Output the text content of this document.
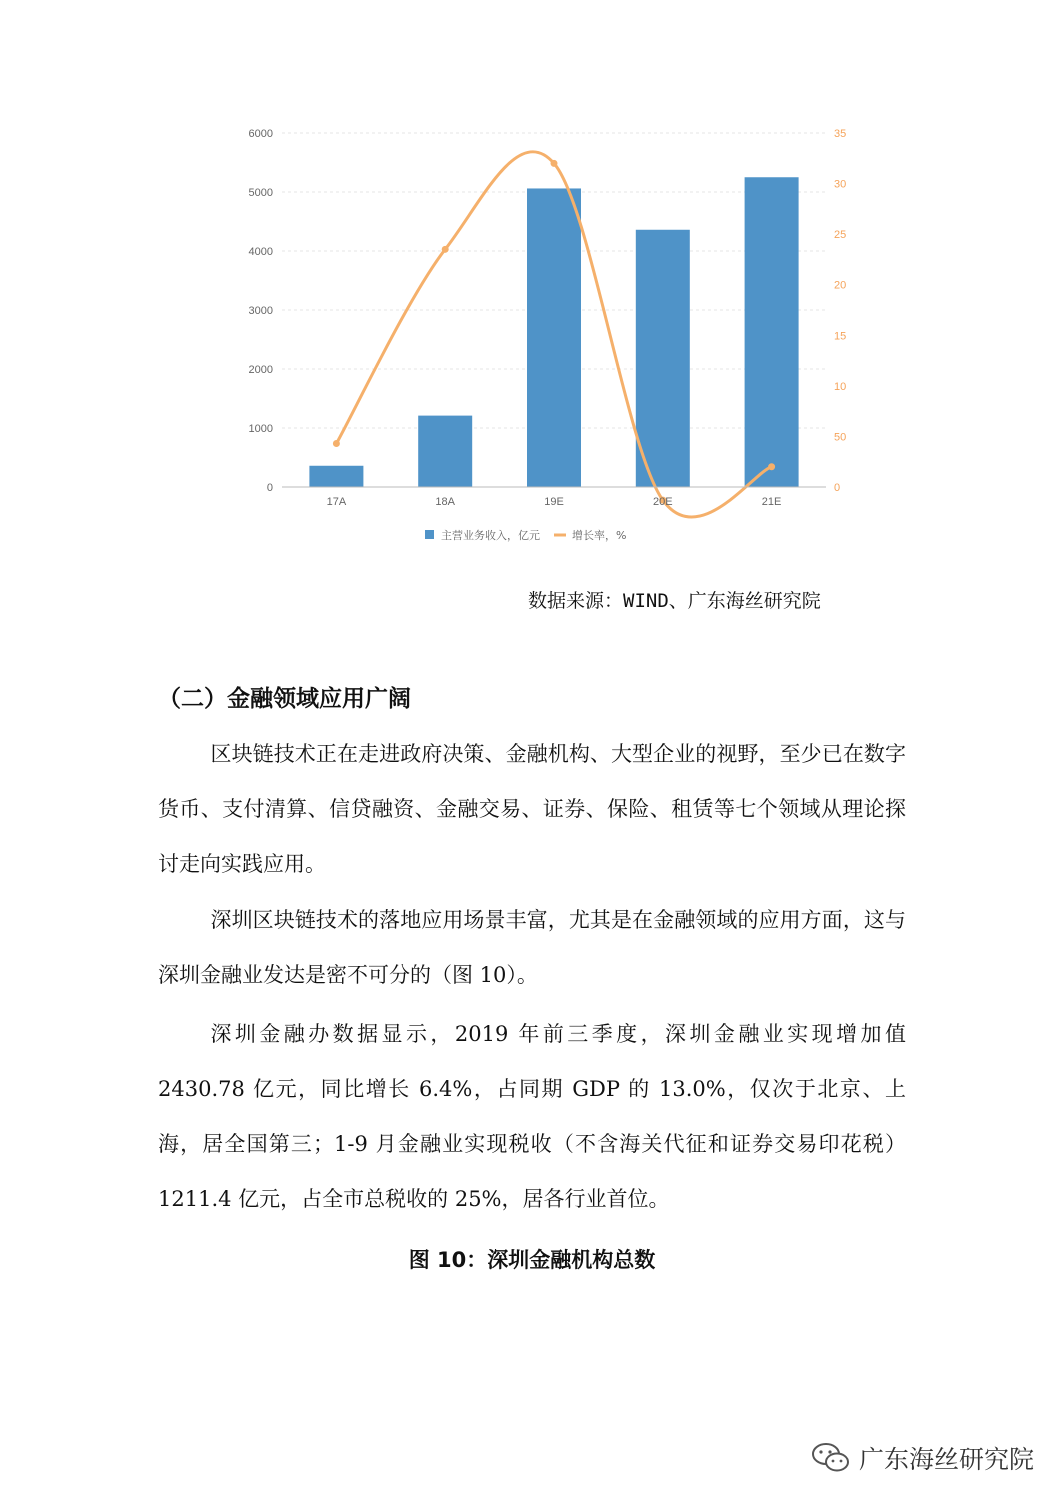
0
1000
2000
3000
4000
5000
6000
0
50
10
15
20
25
30
35
17A	18A	19E	20E	21E
主营业务收入，亿元	增长率，%
数据来源：WIND、广东海丝研究院
（二）金融领域应用广阔
区块链技术正在走进政府决策、金融机构、大型企业的视野，至少已在数字货币、支付清算、信贷融资、金融交易、证券、保险、租赁等七个领域从理论探讨走向实践应用。
深圳区块链技术的落地应用场景丰富，尤其是在金融领域的应用方面，这与深圳金融业发达是密不可分的（图 10）。
深圳金融办数据显示，2019 年前三季度，深圳金融业实现增加值 2430.78 亿元，同比增长 6.4%，占同期 GDP 的 13.0%，仅次于北京、上海，居全国第三；1-9 月金融业实现税收（不含海关代征和证券交易印花税）1211.4 亿元，占全市总税收的 25%，居各行业首位。
图 10：深圳金融机构总数
广东海丝研究院
